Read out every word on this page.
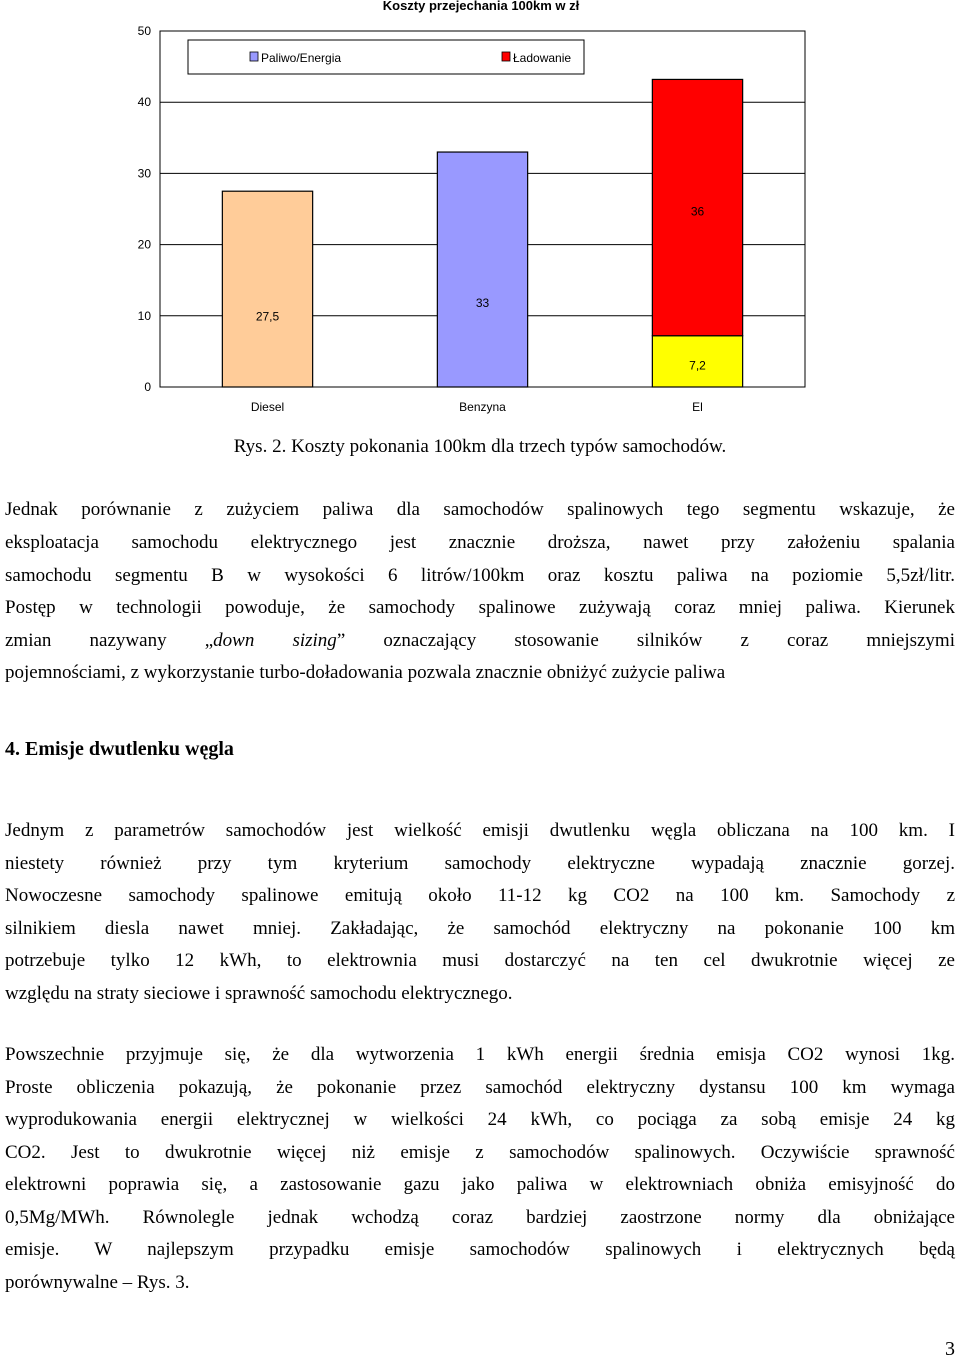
Koszty przejechania 100km w zł
0
10
20
30
40
50
27,5
33
7,2
36
Diesel	Benzyna	El
Paliwo/Energia	Ładowanie

Rys. 2. Koszty pokonania 100km dla trzech typów samochodów.

Jednak porównanie z zużyciem paliwa dla samochodów spalinowych tego segmentu wskazuje, że

eksploatacja samochodu elektrycznego jest znacznie droższa, nawet przy założeniu spalania

samochodu segmentu B w wysokości 6 litrów/100km oraz kosztu paliwa na poziomie 5,5zł/litr.

Postęp w technologii powoduje, że samochody spalinowe zużywają coraz mniej paliwa. Kierunek

zmian nazywany „down sizing” oznaczający stosowanie silników z coraz mniejszymi

pojemnościami, z wykorzystanie turbo-doładowania pozwala znacznie obniżyć zużycie paliwa

4. Emisje dwutlenku węgla

Jednym z parametrów samochodów jest wielkość emisji dwutlenku węgla obliczana na 100 km. I

niestety również przy tym kryterium samochody elektryczne wypadają znacznie gorzej.

Nowoczesne samochody spalinowe emitują około 11-12 kg CO2 na 100 km. Samochody z

silnikiem diesla nawet mniej. Zakładając, że samochód elektryczny na pokonanie 100 km

potrzebuje tylko 12 kWh, to elektrownia musi dostarczyć na ten cel dwukrotnie więcej ze

względu na straty sieciowe i sprawność samochodu elektrycznego.

Powszechnie przyjmuje się, że dla wytworzenia 1 kWh energii średnia emisja CO2 wynosi 1kg.

Proste obliczenia pokazują, że pokonanie przez samochód elektryczny dystansu 100 km wymaga

wyprodukowania energii elektrycznej w wielkości 24 kWh, co pociąga za sobą emisje 24 kg

CO2. Jest to dwukrotnie więcej niż emisje z samochodów spalinowych. Oczywiście sprawność

elektrowni poprawia się, a zastosowanie gazu jako paliwa w elektrowniach obniża emisyjność do

0,5Mg/MWh. Równolegle jednak wchodzą coraz bardziej zaostrzone normy dla obniżające

emisje. W najlepszym przypadku emisje samochodów spalinowych i elektrycznych będą

porównywalne – Rys. 3.

3
